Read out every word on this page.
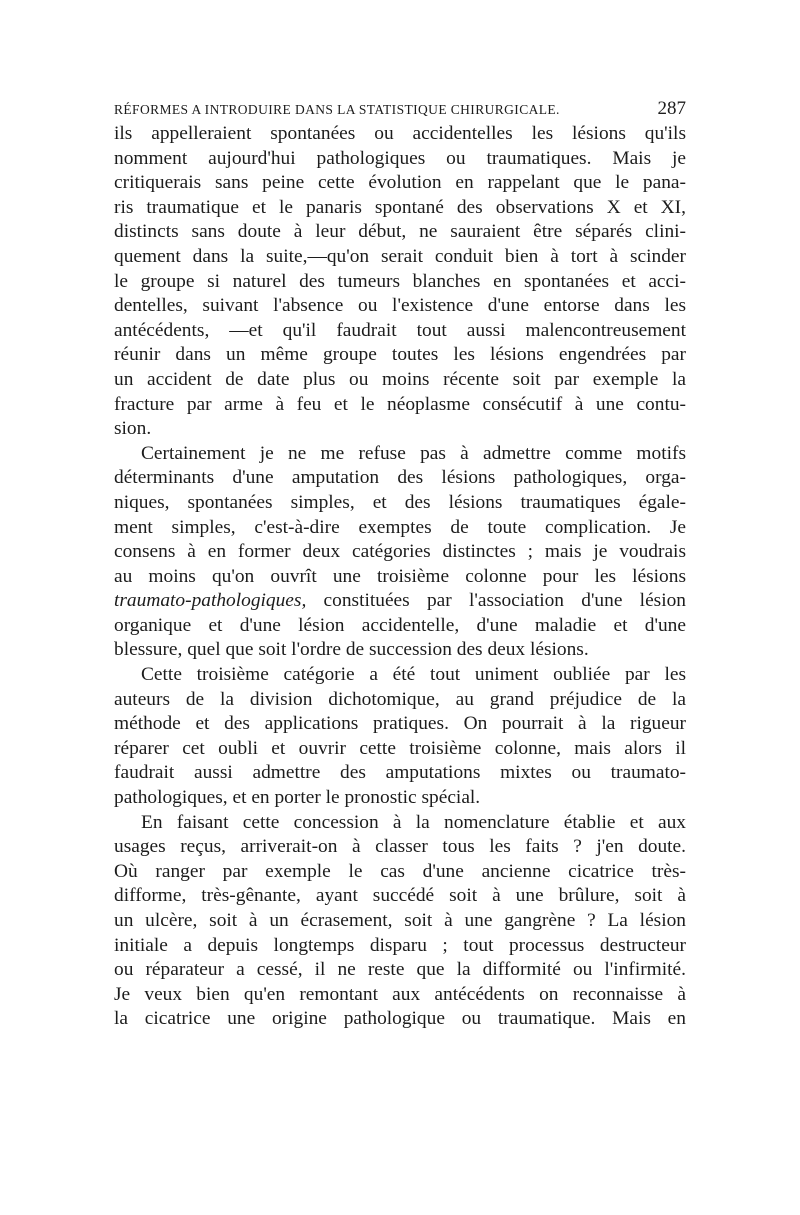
RÉFORMES A INTRODUIRE DANS LA STATISTIQUE CHIRURGICALE.	287
ils appelleraient spontanées ou accidentelles les lésions qu'ils
nomment aujourd'hui pathologiques ou traumatiques. Mais je
critiquerais sans peine cette évolution en rappelant que le pana-
ris traumatique et le panaris spontané des observations X et XI,
distincts sans doute à leur début, ne sauraient être séparés clini-
quement dans la suite,—qu'on serait conduit bien à tort à scinder
le groupe si naturel des tumeurs blanches en spontanées et acci-
dentelles, suivant l'absence ou l'existence d'une entorse dans les
antécédents, —et qu'il faudrait tout aussi malencontreusement
réunir dans un même groupe toutes les lésions engendrées par
un accident de date plus ou moins récente soit par exemple la
fracture par arme à feu et le néoplasme consécutif à une contu-
sion.
Certainement je ne me refuse pas à admettre comme motifs
déterminants d'une amputation des lésions pathologiques, orga-
niques, spontanées simples, et des lésions traumatiques égale-
ment simples, c'est-à-dire exemptes de toute complication. Je
consens à en former deux catégories distinctes ; mais je voudrais
au moins qu'on ouvrît une troisième colonne pour les lésions
traumato-pathologiques, constituées par l'association d'une lésion
organique et d'une lésion accidentelle, d'une maladie et d'une
blessure, quel que soit l'ordre de succession des deux lésions.
Cette troisième catégorie a été tout uniment oubliée par les
auteurs de la division dichotomique, au grand préjudice de la
méthode et des applications pratiques. On pourrait à la rigueur
réparer cet oubli et ouvrir cette troisième colonne, mais alors il
faudrait aussi admettre des amputations mixtes ou traumato-
pathologiques, et en porter le pronostic spécial.
En faisant cette concession à la nomenclature établie et aux
usages reçus, arriverait-on à classer tous les faits ? j'en doute.
Où ranger par exemple le cas d'une ancienne cicatrice très-
difforme, très-gênante, ayant succédé soit à une brûlure, soit à
un ulcère, soit à un écrasement, soit à une gangrène ? La lésion
initiale a depuis longtemps disparu ; tout processus destructeur
ou réparateur a cessé, il ne reste que la difformité ou l'infirmité.
Je veux bien qu'en remontant aux antécédents on reconnaisse à
la cicatrice une origine pathologique ou traumatique. Mais en
